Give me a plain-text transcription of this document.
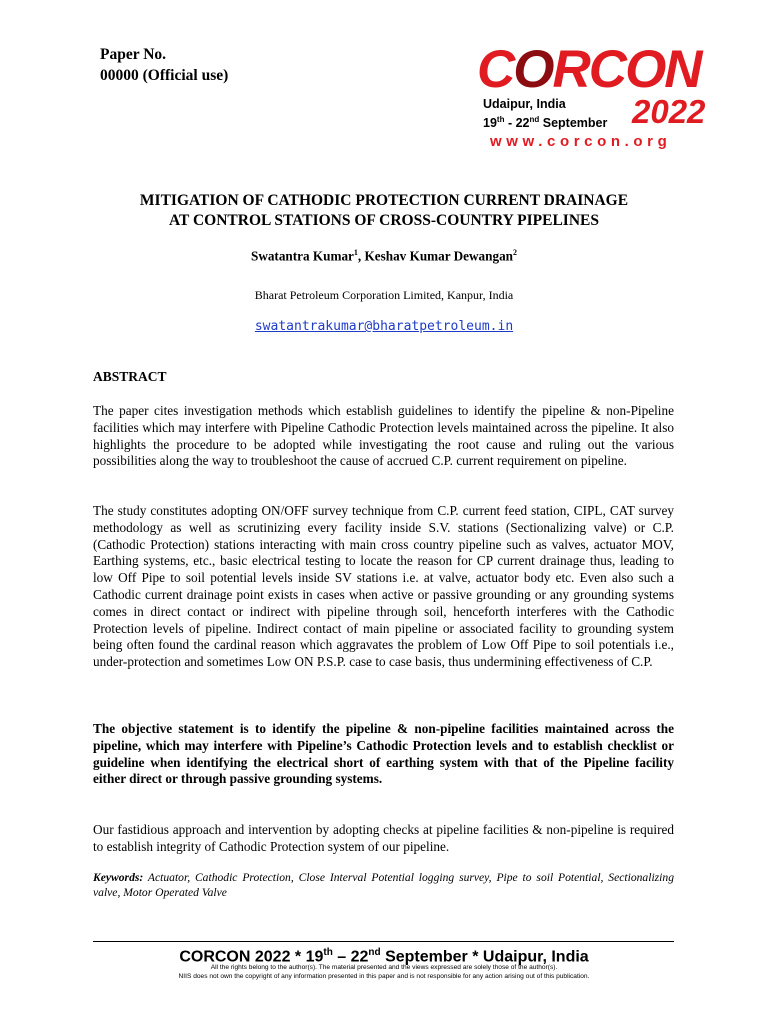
Paper No.
00000 (Official use)	CORCON
Udaipur, India
19th - 22nd September 2022
www.corcon.org
MITIGATION OF CATHODIC PROTECTION CURRENT DRAINAGE
AT CONTROL STATIONS OF CROSS-COUNTRY PIPELINES
Swatantra Kumar$^1$, Keshav Kumar Dewangan$^2$
Bharat Petroleum Corporation Limited, Kanpur, India
swatantrakumar@bharatpetroleum.in
ABSTRACT
The paper cites investigation methods which establish guidelines to identify the pipeline & non-Pipeline facilities which may interfere with Pipeline Cathodic Protection levels maintained across the pipeline. It also highlights the procedure to be adopted while investigating the root cause and ruling out the various possibilities along the way to troubleshoot the cause of accrued C.P. current requirement on pipeline.
The study constitutes adopting ON/OFF survey technique from C.P. current feed station, CIPL, CAT survey methodology as well as scrutinizing every facility inside S.V. stations (Sectionalizing valve) or C.P. (Cathodic Protection) stations interacting with main cross country pipeline such as valves, actuator MOV, Earthing systems, etc., basic electrical testing to locate the reason for CP current drainage thus, leading to low Off Pipe to soil potential levels inside SV stations i.e. at valve, actuator body etc. Even also such a Cathodic current drainage point exists in cases when active or passive grounding or any grounding systems comes in direct contact or indirect with pipeline through soil, henceforth interferes with the Cathodic Protection levels of pipeline. Indirect contact of main pipeline or associated facility to grounding system being often found the cardinal reason which aggravates the problem of Low Off Pipe to soil potentials i.e., under-protection and sometimes Low ON P.S.P. case to case basis, thus undermining effectiveness of C.P.
The objective statement is to identify the pipeline & non-pipeline facilities maintained across the pipeline, which may interfere with Pipeline’s Cathodic Protection levels and to establish checklist or guideline when identifying the electrical short of earthing system with that of the Pipeline facility either direct or through passive grounding systems.
Our fastidious approach and intervention by adopting checks at pipeline facilities & non-pipeline is required to establish integrity of Cathodic Protection system of our pipeline.
Keywords: Actuator, Cathodic Protection, Close Interval Potential logging survey, Pipe to soil Potential, Sectionalizing valve, Motor Operated Valve
CORCON 2022 * 19th – 22nd September * Udaipur, India
All the rights belong to the author(s). The material presented and the views expressed are solely those of the author(s).
NIIS does not own the copyright of any information presented in this paper and is not responsible for any action arising out of this publication.
